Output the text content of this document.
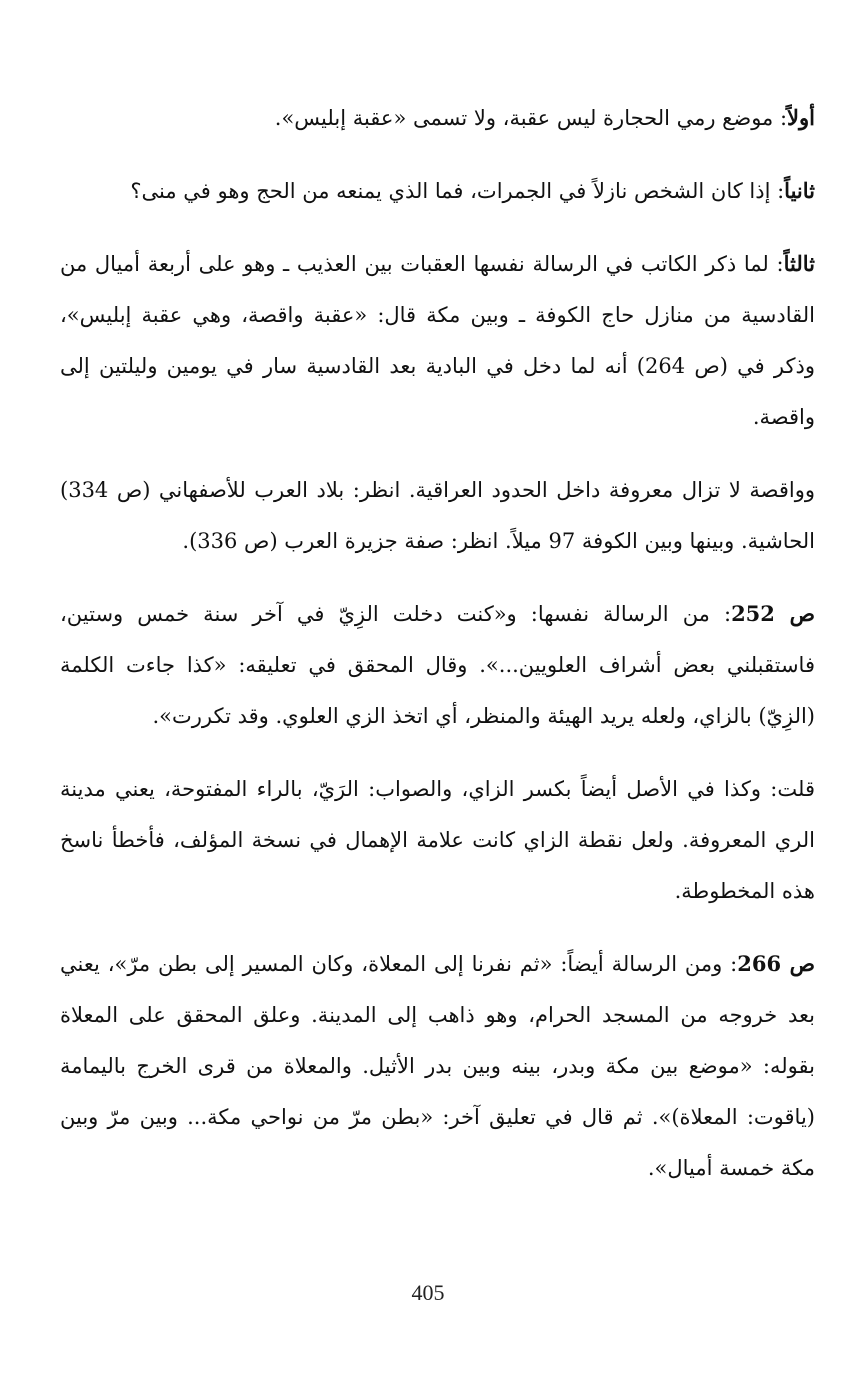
أولاً: موضع رمي الحجارة ليس عقبة، ولا تسمى «عقبة إبليس».

ثانياً: إذا كان الشخص نازلاً في الجمرات، فما الذي يمنعه من الحج وهو في منى؟

ثالثاً: لما ذكر الكاتب في الرسالة نفسها العقبات بين العذيب ـ وهو على أربعة أميال من القادسية من منازل حاج الكوفة ـ وبين مكة قال: «عقبة واقصة، وهي عقبة إبليس»، وذكر في (ص 264) أنه لما دخل في البادية بعد القادسية سار في يومين وليلتين إلى واقصة.

وواقصة لا تزال معروفة داخل الحدود العراقية. انظر: بلاد العرب للأصفهاني (ص 334) الحاشية. وبينها وبين الكوفة 97 ميلاً. انظر: صفة جزيرة العرب (ص 336).

ص 252: من الرسالة نفسها: و«كنت دخلت الزِيّ في آخر سنة خمس وستين، فاستقبلني بعض أشراف العلويين...». وقال المحقق في تعليقه: «كذا جاءت الكلمة (الزِيّ) بالزاي، ولعله يريد الهيئة والمنظر، أي اتخذ الزي العلوي. وقد تكررت».

قلت: وكذا في الأصل أيضاً بكسر الزاي، والصواب: الرَيّ، بالراء المفتوحة، يعني مدينة الري المعروفة. ولعل نقطة الزاي كانت علامة الإهمال في نسخة المؤلف، فأخطأ ناسخ هذه المخطوطة.

ص 266: ومن الرسالة أيضاً: «ثم نفرنا إلى المعلاة، وكان المسير إلى بطن مرّ»، يعني بعد خروجه من المسجد الحرام، وهو ذاهب إلى المدينة. وعلق المحقق على المعلاة بقوله: «موضع بين مكة وبدر، بينه وبين بدر الأثيل. والمعلاة من قرى الخرج باليمامة (ياقوت: المعلاة)». ثم قال في تعليق آخر: «بطن مرّ من نواحي مكة... وبين مرّ وبين مكة خمسة أميال».

405
